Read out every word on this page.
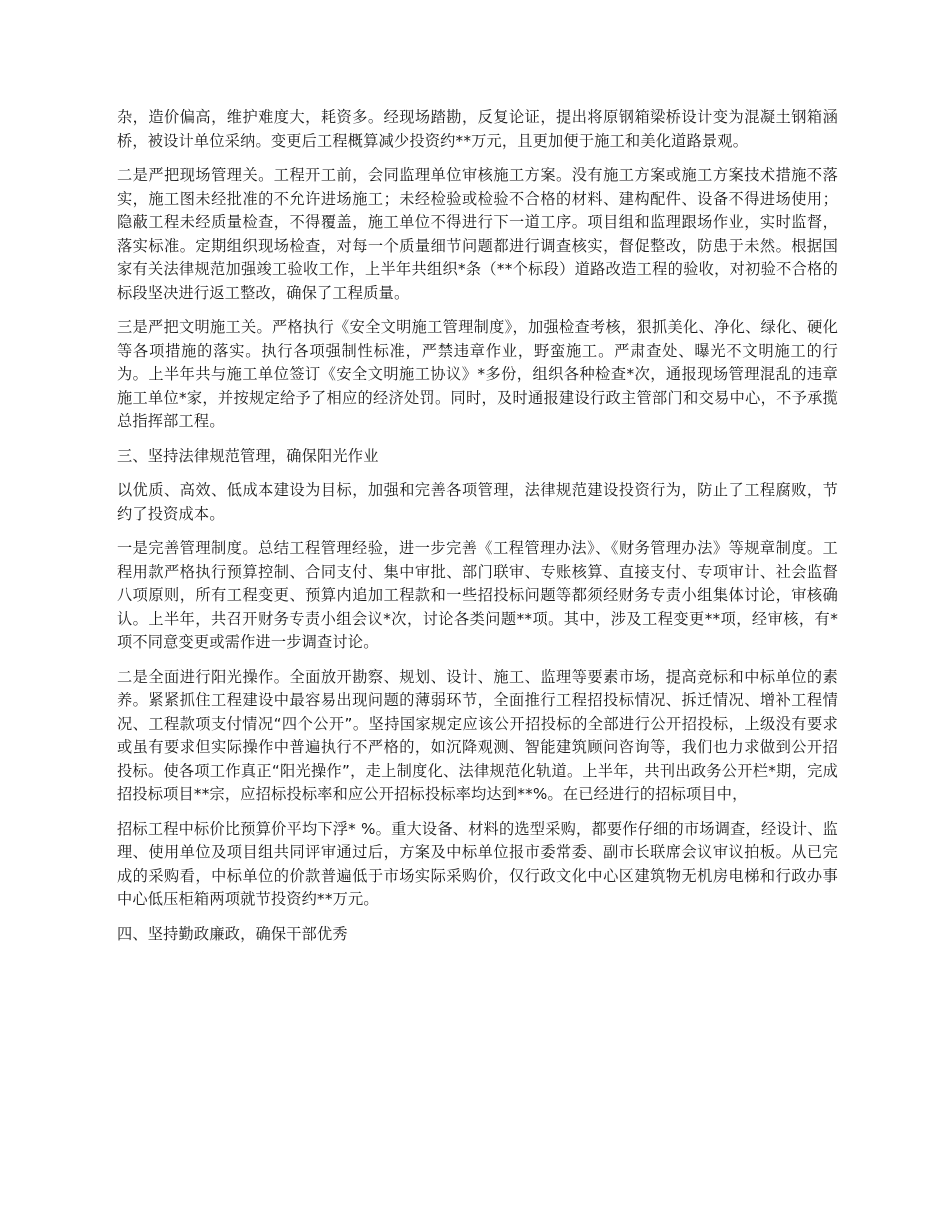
杂，造价偏高，维护难度大，耗资多。经现场踏勘，反复论证，提出将原钢箱梁桥设计变为混凝土钢箱涵桥，被设计单位采纳。变更后工程概算减少投资约**万元，且更加便于施工和美化道路景观。

二是严把现场管理关。工程开工前，会同监理单位审核施工方案。没有施工方案或施工方案技术措施不落实，施工图未经批准的不允许进场施工；未经检验或检验不合格的材料、建构配件、设备不得进场使用；隐蔽工程未经质量检查，不得覆盖，施工单位不得进行下一道工序。项目组和监理跟场作业，实时监督，落实标准。定期组织现场检查，对每一个质量细节问题都进行调查核实，督促整改，防患于未然。根据国家有关法律规范加强竣工验收工作，上半年共组织*条（**个标段）道路改造工程的验收，对初验不合格的标段坚决进行返工整改，确保了工程质量。

三是严把文明施工关。严格执行《安全文明施工管理制度》，加强检查考核，狠抓美化、净化、绿化、硬化等各项措施的落实。执行各项强制性标准，严禁违章作业，野蛮施工。严肃查处、曝光不文明施工的行为。上半年共与施工单位签订《安全文明施工协议》*多份，组织各种检查*次，通报现场管理混乱的违章施工单位*家，并按规定给予了相应的经济处罚。同时，及时通报建设行政主管部门和交易中心，不予承揽总指挥部工程。

三、坚持法律规范管理，确保阳光作业

以优质、高效、低成本建设为目标，加强和完善各项管理，法律规范建设投资行为，防止了工程腐败，节约了投资成本。

一是完善管理制度。总结工程管理经验，进一步完善《工程管理办法》、《财务管理办法》等规章制度。工程用款严格执行预算控制、合同支付、集中审批、部门联审、专账核算、直接支付、专项审计、社会监督八项原则，所有工程变更、预算内追加工程款和一些招投标问题等都须经财务专责小组集体讨论，审核确认。上半年，共召开财务专责小组会议*次，讨论各类问题**项。其中，涉及工程变更**项，经审核，有*项不同意变更或需作进一步调查讨论。

二是全面进行阳光操作。全面放开勘察、规划、设计、施工、监理等要素市场，提高竞标和中标单位的素养。紧紧抓住工程建设中最容易出现问题的薄弱环节，全面推行工程招投标情况、拆迁情况、增补工程情况、工程款项支付情况“四个公开”。坚持国家规定应该公开招投标的全部进行公开招投标，上级没有要求或虽有要求但实际操作中普遍执行不严格的，如沉降观测、智能建筑顾问咨询等，我们也力求做到公开招投标。使各项工作真正“阳光操作”，走上制度化、法律规范化轨道。上半年，共刊出政务公开栏*期，完成招投标项目**宗，应招标投标率和应公开招标投标率均达到**%。在已经进行的招标项目中，

招标工程中标价比预算价平均下浮* %。重大设备、材料的选型采购，都要作仔细的市场调查，经设计、监理、使用单位及项目组共同评审通过后，方案及中标单位报市委常委、副市长联席会议审议拍板。从已完成的采购看，中标单位的价款普遍低于市场实际采购价，仅行政文化中心区建筑物无机房电梯和行政办事中心低压柜箱两项就节投资约**万元。

四、坚持勤政廉政，确保干部优秀
